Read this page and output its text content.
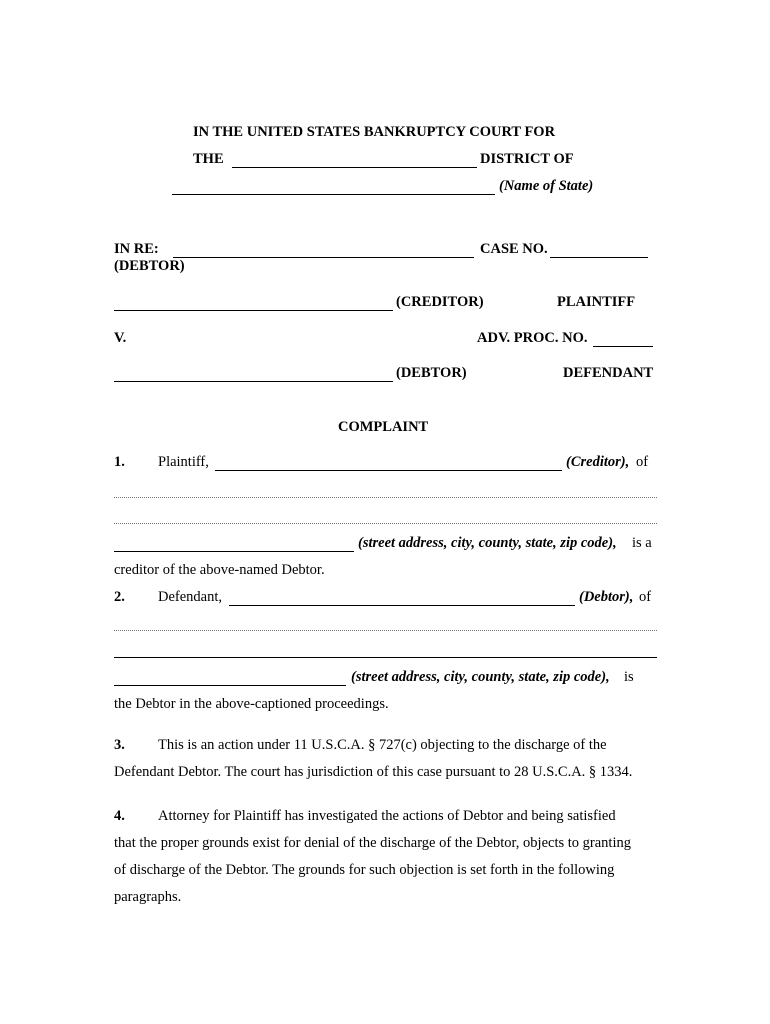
IN THE UNITED STATES BANKRUPTCY COURT FOR
THE	DISTRICT OF
(Name of State)
IN RE:	CASE NO.
(DEBTOR)
(CREDITOR)	PLAINTIFF
V.	ADV. PROC. NO.
(DEBTOR)	DEFENDANT
COMPLAINT
1. Plaintiff,	(Creditor), of
(street address, city, county, state, zip code), is a
creditor of the above-named Debtor.
2. Defendant,	(Debtor), of
(street address, city, county, state, zip code), is
the Debtor in the above-captioned proceedings.
3. This is an action under 11 U.S.C.A. § 727(c) objecting to the discharge of the
Defendant Debtor. The court has jurisdiction of this case pursuant to 28 U.S.C.A. § 1334.
4. Attorney for Plaintiff has investigated the actions of Debtor and being satisfied
that the proper grounds exist for denial of the discharge of the Debtor, objects to granting
of discharge of the Debtor. The grounds for such objection is set forth in the following
paragraphs.
